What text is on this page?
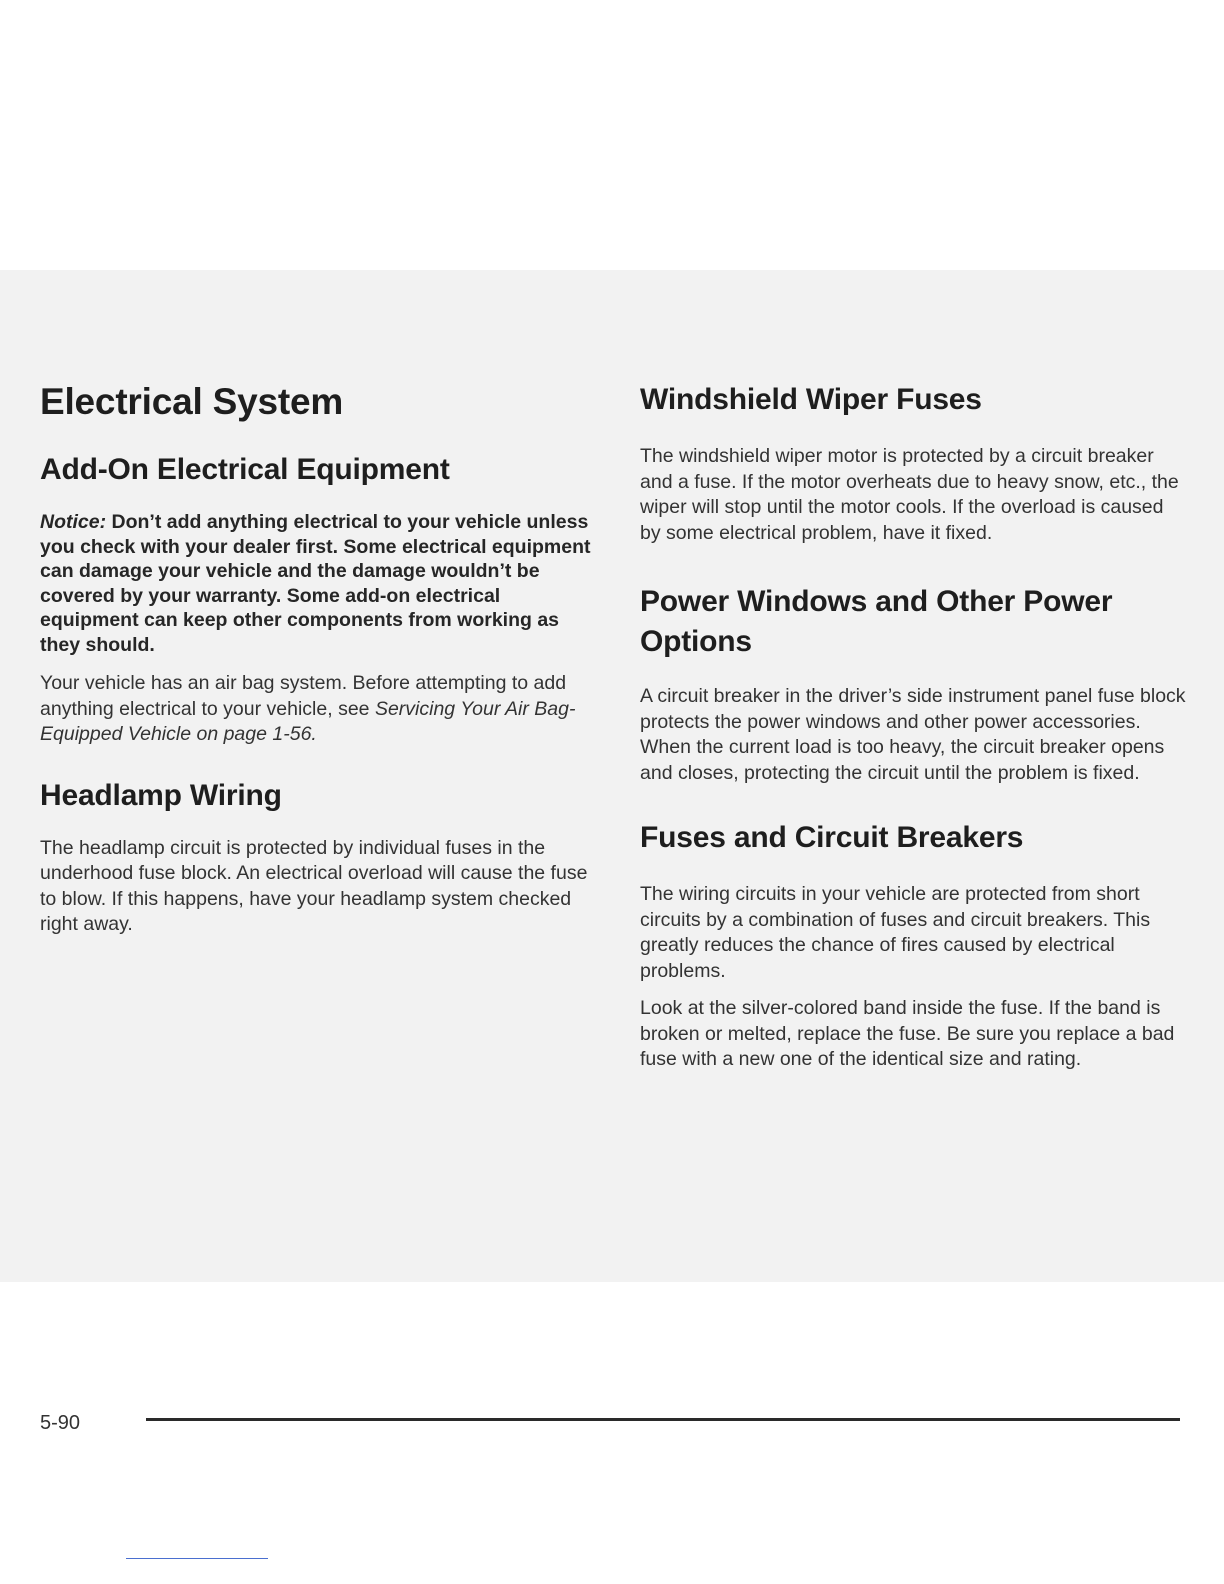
Electrical System
Add-On Electrical Equipment

Notice: Don’t add anything electrical to your vehicle unless you check with your dealer first. Some electrical equipment can damage your vehicle and the damage wouldn’t be covered by your warranty. Some add-on electrical equipment can keep other components from working as they should.

Your vehicle has an air bag system. Before attempting to add anything electrical to your vehicle, see Servicing Your Air Bag-Equipped Vehicle on page 1-56.

Headlamp Wiring

The headlamp circuit is protected by individual fuses in the underhood fuse block. An electrical overload will cause the fuse to blow. If this happens, have your headlamp system checked right away.

Windshield Wiper Fuses

The windshield wiper motor is protected by a circuit breaker and a fuse. If the motor overheats due to heavy snow, etc., the wiper will stop until the motor cools. If the overload is caused by some electrical problem, have it fixed.

Power Windows and Other Power Options

A circuit breaker in the driver’s side instrument panel fuse block protects the power windows and other power accessories. When the current load is too heavy, the circuit breaker opens and closes, protecting the circuit until the problem is fixed.

Fuses and Circuit Breakers

The wiring circuits in your vehicle are protected from short circuits by a combination of fuses and circuit breakers. This greatly reduces the chance of fires caused by electrical problems.

Look at the silver-colored band inside the fuse. If the band is broken or melted, replace the fuse. Be sure you replace a bad fuse with a new one of the identical size and rating.

5-90
